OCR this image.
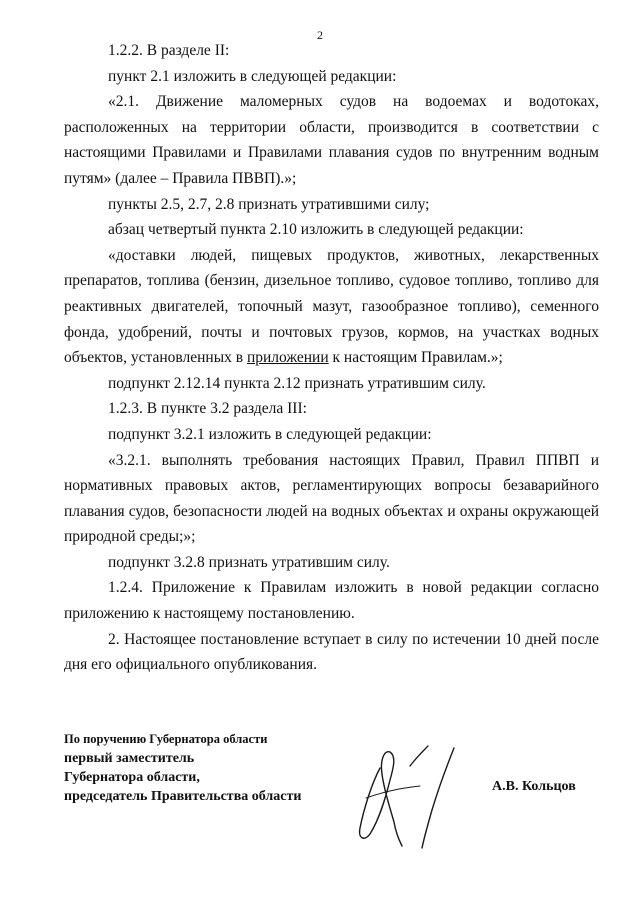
2

1.2.2. В разделе II:

пункт 2.1 изложить в следующей редакции:

«2.1. Движение маломерных судов на водоемах и водотоках, расположенных на территории области, производится в соответствии с настоящими Правилами и Правилами плавания судов по внутренним водным путям» (далее – Правила ПВВП).»;

пункты 2.5, 2.7, 2.8 признать утратившими силу;

абзац четвертый пункта 2.10 изложить в следующей редакции:

«доставки людей, пищевых продуктов, животных, лекарственных препаратов, топлива (бензин, дизельное топливо, судовое топливо, топливо для реактивных двигателей, топочный мазут, газообразное топливо), семенного фонда, удобрений, почты и почтовых грузов, кормов, на участках водных объектов, установленных в приложении к настоящим Правилам.»;

подпункт 2.12.14 пункта 2.12 признать утратившим силу.

1.2.3. В пункте 3.2 раздела III:

подпункт 3.2.1 изложить в следующей редакции:

«3.2.1. выполнять требования настоящих Правил, Правил ППВП и нормативных правовых актов, регламентирующих вопросы безаварийного плавания судов, безопасности людей на водных объектах и охраны окружающей природной среды;»;

подпункт 3.2.8 признать утратившим силу.

1.2.4. Приложение к Правилам изложить в новой редакции согласно приложению к настоящему постановлению.

2. Настоящее постановление вступает в силу по истечении 10 дней после дня его официального опубликования.

По поручению Губернатора области
первый заместитель
Губернатора области,
председатель Правительства области
А.В. Кольцов
